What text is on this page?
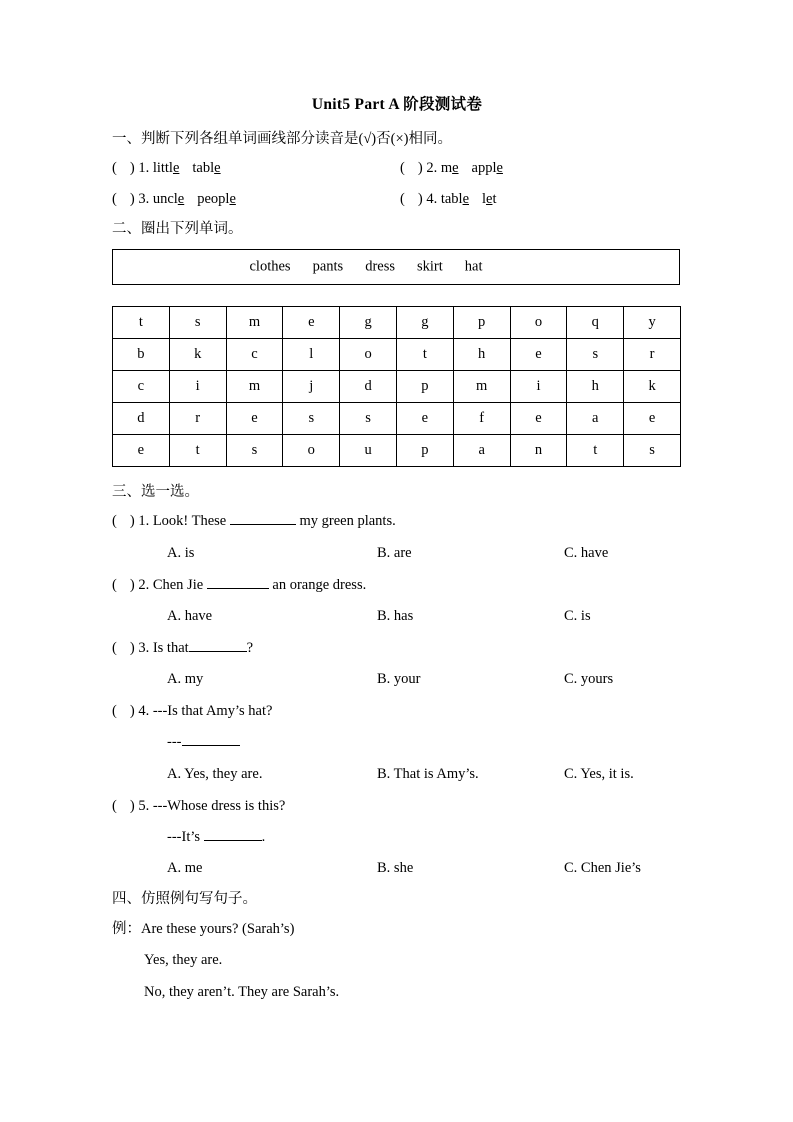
Unit5 Part A 阶段测试卷
一、判断下列各组单词画线部分读音是(√)否(×)相同。
( ) 1. little table	( ) 2. me apple
( ) 3. uncle people	( ) 4. table let
二、圈出下列单词。
clothes pants dress skirt hat
t	s	m	e	g	g	p	o	q	y
b	k	c	l	o	t	h	e	s	r
c	i	m	j	d	p	m	i	h	k
d	r	e	s	s	e	f	e	a	e
e	t	s	o	u	p	a	n	t	s
三、选一选。
( ) 1. Look! These	my green plants.
A. is	B. are	C. have
( ) 2. Chen Jie	an orange dress.
A. have	B. has	C. is
( ) 3. Is that	?
A. my	B. your	C. yours
( ) 4. ---Is that Amy’s hat?
---
A. Yes, they are.	B. That is Amy’s.	C. Yes, it is.
( ) 5. ---Whose dress is this?
---It’s	.
A. me	B. she	C. Chen Jie’s
四、仿照例句写句子。
例：Are these yours? (Sarah’s)
Yes, they are.
No, they aren’t. They are Sarah’s.
